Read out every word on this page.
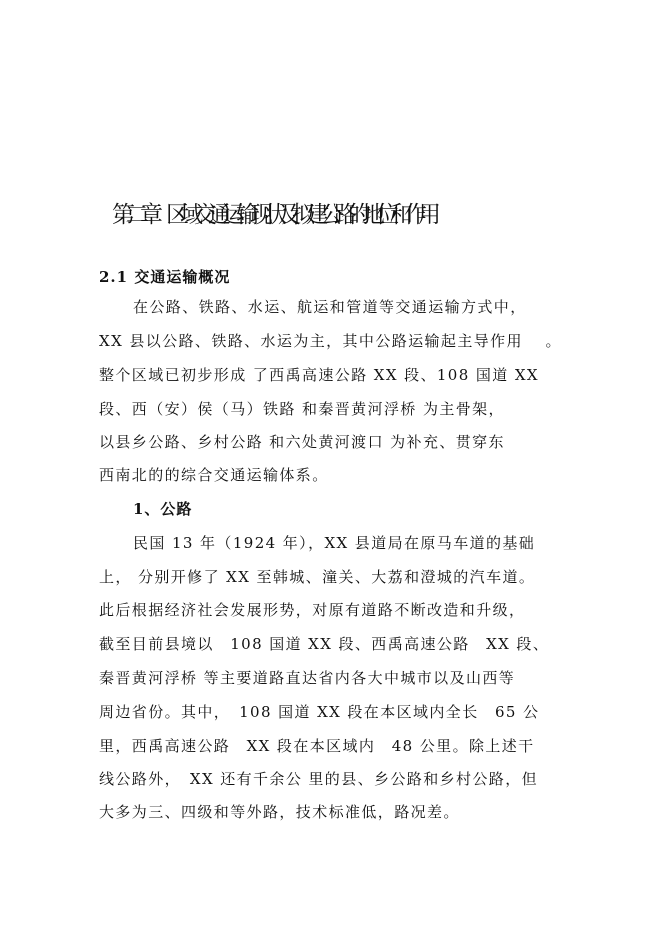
第二章 区域交通运输现状及拟建公路的地位和作用
2.1 交通运输概况
在公路、铁路、水运、航运和管道等交通运输方式中，
XX 县以公路、铁路、水运为主，其中公路运输起主导作用　 。
整个区域已初步形成 了西禹高速公路 XX 段、108 国道 XX
段、西（安）侯（马）铁路 和秦晋黄河浮桥 为主骨架，
以县乡公路、乡村公路 和六处黄河渡口 为补充、贯穿东
西南北的的综合交通运输体系。
1、公路
民国 13 年（1924 年），XX 县道局在原马车道的基础
上， 分别开修了 XX 至韩城、潼关、大荔和澄城的汽车道。
此后根据经济社会发展形势，对原有道路不断改造和升级，
截至目前县境以　108 国道 XX 段、西禹高速公路　XX 段、
秦晋黄河浮桥 等主要道路直达省内各大中城市以及山西等
周边省份。其中，　108 国道 XX 段在本区域内全长　65 公
里，西禹高速公路　XX 段在本区域内　48 公里。除上述干
线公路外，　XX 还有千余公 里的县、乡公路和乡村公路，但
大多为三、四级和等外路，技术标准低，路况差。
